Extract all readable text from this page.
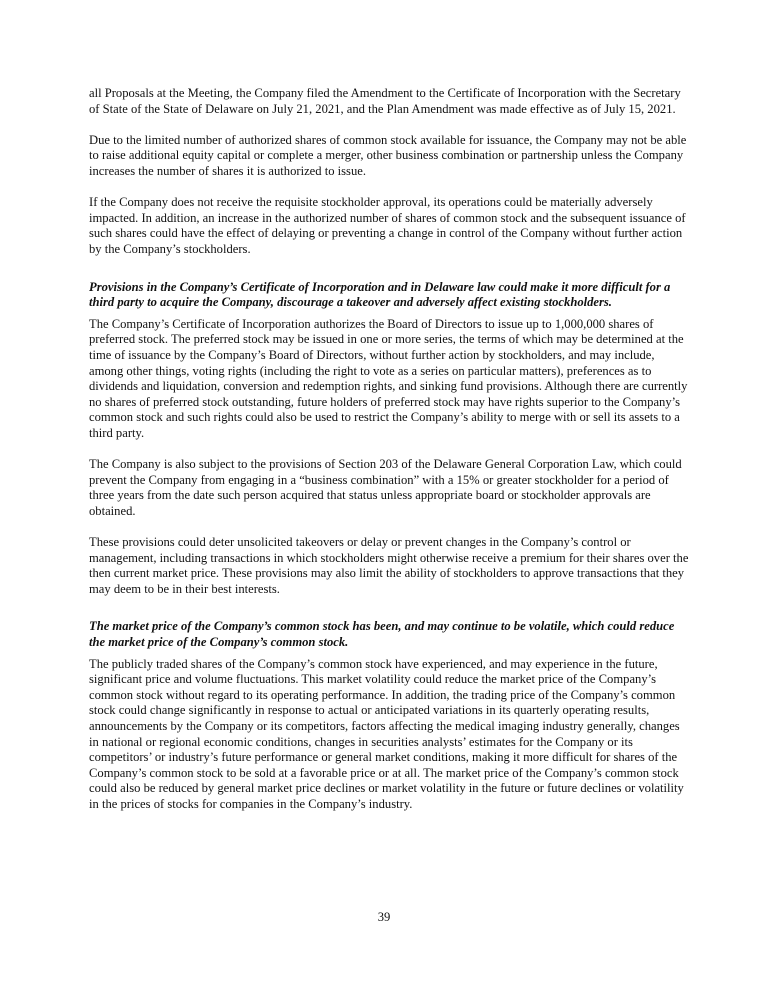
all Proposals at the Meeting, the Company filed the Amendment to the Certificate of Incorporation with the Secretary of State of the State of Delaware on July 21, 2021, and the Plan Amendment was made effective as of July 15, 2021.

Due to the limited number of authorized shares of common stock available for issuance, the Company may not be able to raise additional equity capital or complete a merger, other business combination or partnership unless the Company increases the number of shares it is authorized to issue.

If the Company does not receive the requisite stockholder approval, its operations could be materially adversely impacted. In addition, an increase in the authorized number of shares of common stock and the subsequent issuance of such shares could have the effect of delaying or preventing a change in control of the Company without further action by the Company’s stockholders.

Provisions in the Company’s Certificate of Incorporation and in Delaware law could make it more difficult for a third party to acquire the Company, discourage a takeover and adversely affect existing stockholders.

The Company’s Certificate of Incorporation authorizes the Board of Directors to issue up to 1,000,000 shares of preferred stock. The preferred stock may be issued in one or more series, the terms of which may be determined at the time of issuance by the Company’s Board of Directors, without further action by stockholders, and may include, among other things, voting rights (including the right to vote as a series on particular matters), preferences as to dividends and liquidation, conversion and redemption rights, and sinking fund provisions. Although there are currently no shares of preferred stock outstanding, future holders of preferred stock may have rights superior to the Company’s common stock and such rights could also be used to restrict the Company’s ability to merge with or sell its assets to a third party.

The Company is also subject to the provisions of Section 203 of the Delaware General Corporation Law, which could prevent the Company from engaging in a “business combination” with a 15% or greater stockholder for a period of three years from the date such person acquired that status unless appropriate board or stockholder approvals are obtained.

These provisions could deter unsolicited takeovers or delay or prevent changes in the Company’s control or management, including transactions in which stockholders might otherwise receive a premium for their shares over the then current market price. These provisions may also limit the ability of stockholders to approve transactions that they may deem to be in their best interests.

The market price of the Company’s common stock has been, and may continue to be volatile, which could reduce the market price of the Company’s common stock.

The publicly traded shares of the Company’s common stock have experienced, and may experience in the future, significant price and volume fluctuations. This market volatility could reduce the market price of the Company’s common stock without regard to its operating performance. In addition, the trading price of the Company’s common stock could change significantly in response to actual or anticipated variations in its quarterly operating results, announcements by the Company or its competitors, factors affecting the medical imaging industry generally, changes in national or regional economic conditions, changes in securities analysts’ estimates for the Company or its competitors’ or industry’s future performance or general market conditions, making it more difficult for shares of the Company’s common stock to be sold at a favorable price or at all. The market price of the Company’s common stock could also be reduced by general market price declines or market volatility in the future or future declines or volatility in the prices of stocks for companies in the Company’s industry.

39
